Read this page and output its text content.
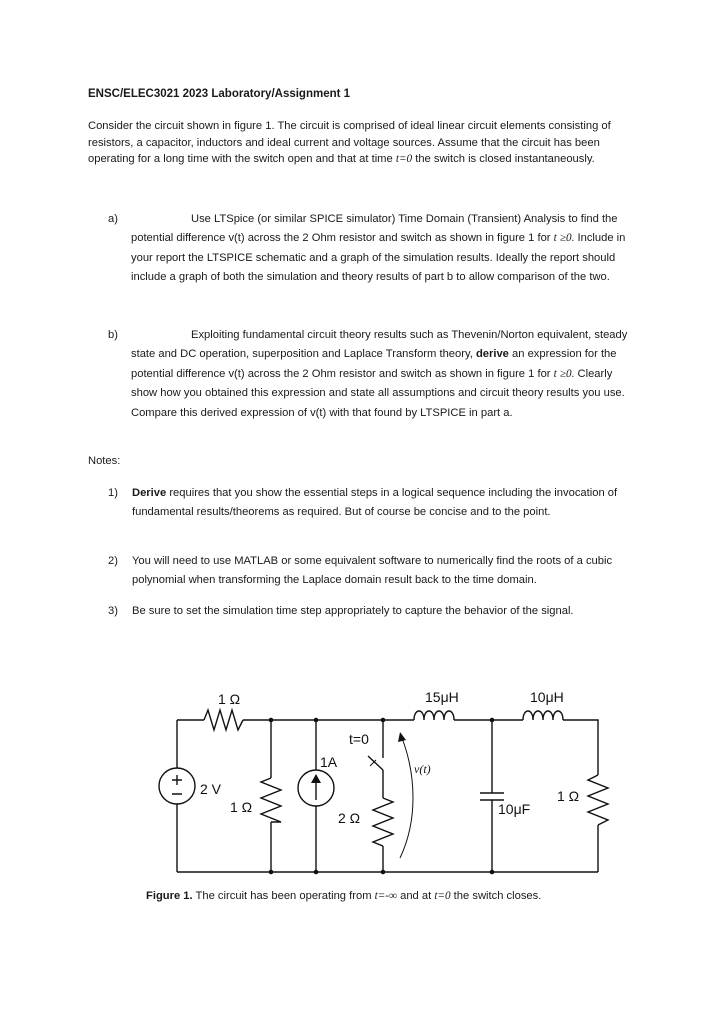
ENSC/ELEC3021 2023 Laboratory/Assignment 1
Consider the circuit shown in figure 1. The circuit is comprised of ideal linear circuit elements consisting of resistors, a capacitor, inductors and ideal current and voltage sources. Assume that the circuit has been operating for a long time with the switch open and that at time t=0 the switch is closed instantaneously.
a)	Use LTSpice (or similar SPICE simulator) Time Domain (Transient) Analysis to find the potential difference v(t) across the 2 Ohm resistor and switch as shown in figure 1 for t ≥0. Include in your report the LTSPICE schematic and a graph of the simulation results. Ideally the report should include a graph of both the simulation and theory results of part b to allow comparison of the two.
b)	Exploiting fundamental circuit theory results such as Thevenin/Norton equivalent, steady state and DC operation, superposition and Laplace Transform theory, derive an expression for the potential difference v(t) across the 2 Ohm resistor and switch as shown in figure 1 for t ≥0. Clearly show how you obtained this expression and state all assumptions and circuit theory results you use. Compare this derived expression of v(t) with that found by LTSPICE in part a.
Notes:
1) Derive requires that you show the essential steps in a logical sequence including the invocation of fundamental results/theorems as required. But of course be concise and to the point.
2) You will need to use MATLAB or some equivalent software to numerically find the roots of a cubic polynomial when transforming the Laplace domain result back to the time domain.
3) Be sure to set the simulation time step appropriately to capture the behavior of the signal.
1 Ω
2 V
1 Ω
1A
t=0
2 Ω
15μH	10μH
10μF
1 Ω
v(t)
Figure 1. The circuit has been operating from t=-∞ and at t=0 the switch closes.
